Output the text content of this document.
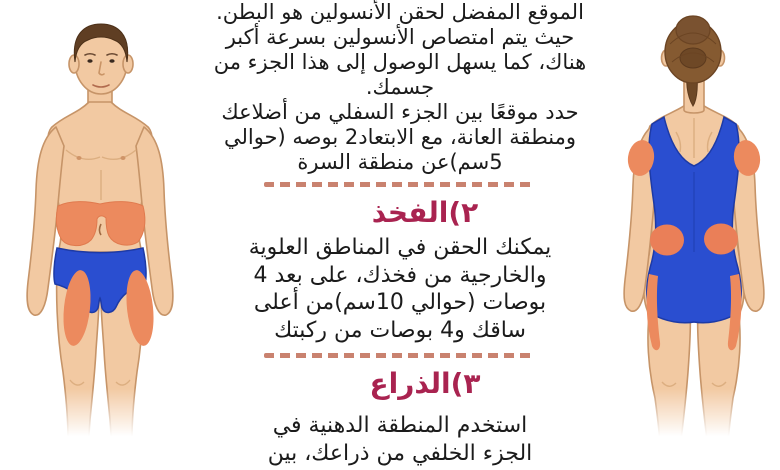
الموقع المفضل لحقن الأنسولين هو البطن.
حيث يتم امتصاص الأنسولين بسرعة أكبر
هناك، كما يسهل الوصول إلى هذا الجزء من
جسمك.
حدد موقعًا بين الجزء السفلي من أضلاعك
ومنطقة العانة، مع الابتعاد2 بوصه (حوالي
5سم)عن منطقة السرة
٢)الفخذ
يمكنك الحقن في المناطق العلوية
والخارجية من فخذك، على بعد 4
بوصات (حوالي 10سم)من أعلى
ساقك و4 بوصات من ركبتك
٣)الذراع
استخدم المنطقة الدهنية في
الجزء الخلفي من ذراعك، بين
